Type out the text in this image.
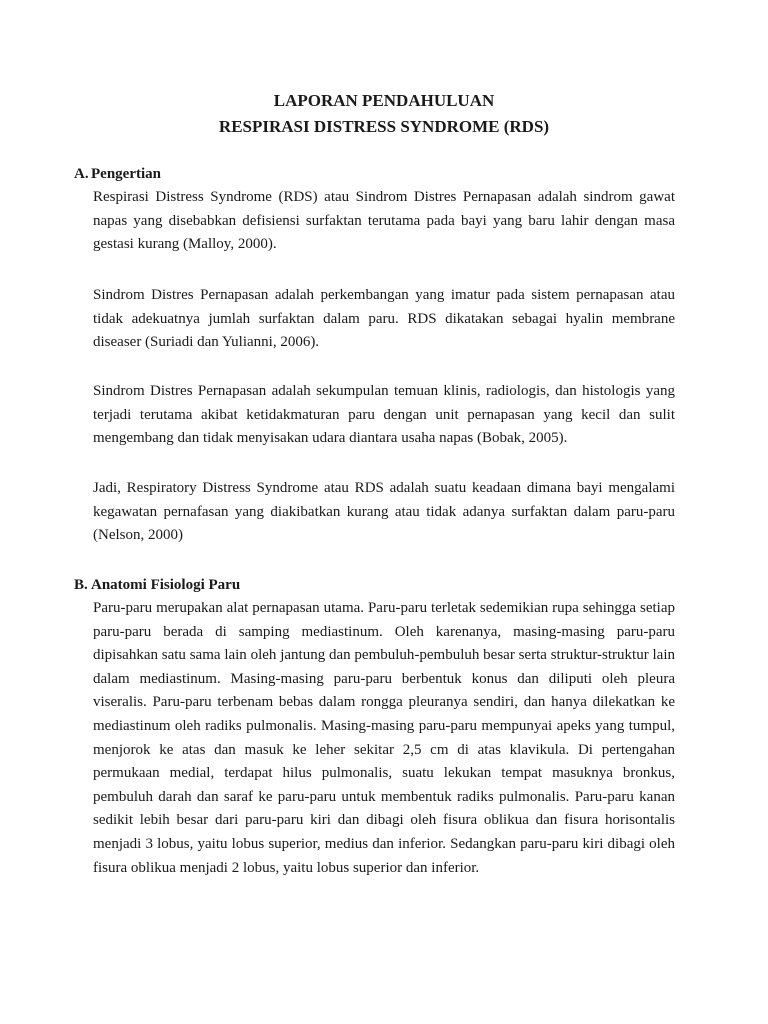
LAPORAN PENDAHULUAN
RESPIRASI DISTRESS SYNDROME (RDS)
A. Pengertian

Respirasi Distress Syndrome (RDS) atau Sindrom Distres Pernapasan adalah sindrom gawat napas yang disebabkan defisiensi surfaktan terutama pada bayi yang baru lahir dengan masa gestasi kurang (Malloy, 2000).

Sindrom Distres Pernapasan adalah perkembangan yang imatur pada sistem pernapasan atau tidak adekuatnya jumlah surfaktan dalam paru. RDS dikatakan sebagai hyalin membrane diseaser (Suriadi dan Yulianni, 2006).

Sindrom Distres Pernapasan adalah sekumpulan temuan klinis, radiologis, dan histologis yang terjadi terutama akibat ketidakmaturan paru dengan unit pernapasan yang kecil dan sulit mengembang dan tidak menyisakan udara diantara usaha napas (Bobak, 2005).

Jadi, Respiratory Distress Syndrome atau RDS adalah suatu keadaan dimana bayi mengalami kegawatan pernafasan yang diakibatkan kurang atau tidak adanya surfaktan dalam paru-paru (Nelson, 2000)

B. Anatomi Fisiologi Paru

Paru-paru merupakan alat pernapasan utama. Paru-paru terletak sedemikian rupa sehingga setiap paru-paru berada di samping mediastinum. Oleh karenanya, masing-masing paru-paru dipisahkan satu sama lain oleh jantung dan pembuluh-pembuluh besar serta struktur-struktur lain dalam mediastinum. Masing-masing paru-paru berbentuk konus dan diliputi oleh pleura viseralis. Paru-paru terbenam bebas dalam rongga pleuranya sendiri, dan hanya dilekatkan ke mediastinum oleh radiks pulmonalis. Masing-masing paru-paru mempunyai apeks yang tumpul, menjorok ke atas dan masuk ke leher sekitar 2,5 cm di atas klavikula. Di pertengahan permukaan medial, terdapat hilus pulmonalis, suatu lekukan tempat masuknya bronkus, pembuluh darah dan saraf ke paru-paru untuk membentuk radiks pulmonalis. Paru-paru kanan sedikit lebih besar dari paru-paru kiri dan dibagi oleh fisura oblikua dan fisura horisontalis menjadi 3 lobus, yaitu lobus superior, medius dan inferior. Sedangkan paru-paru kiri dibagi oleh fisura oblikua menjadi 2 lobus, yaitu lobus superior dan inferior.
